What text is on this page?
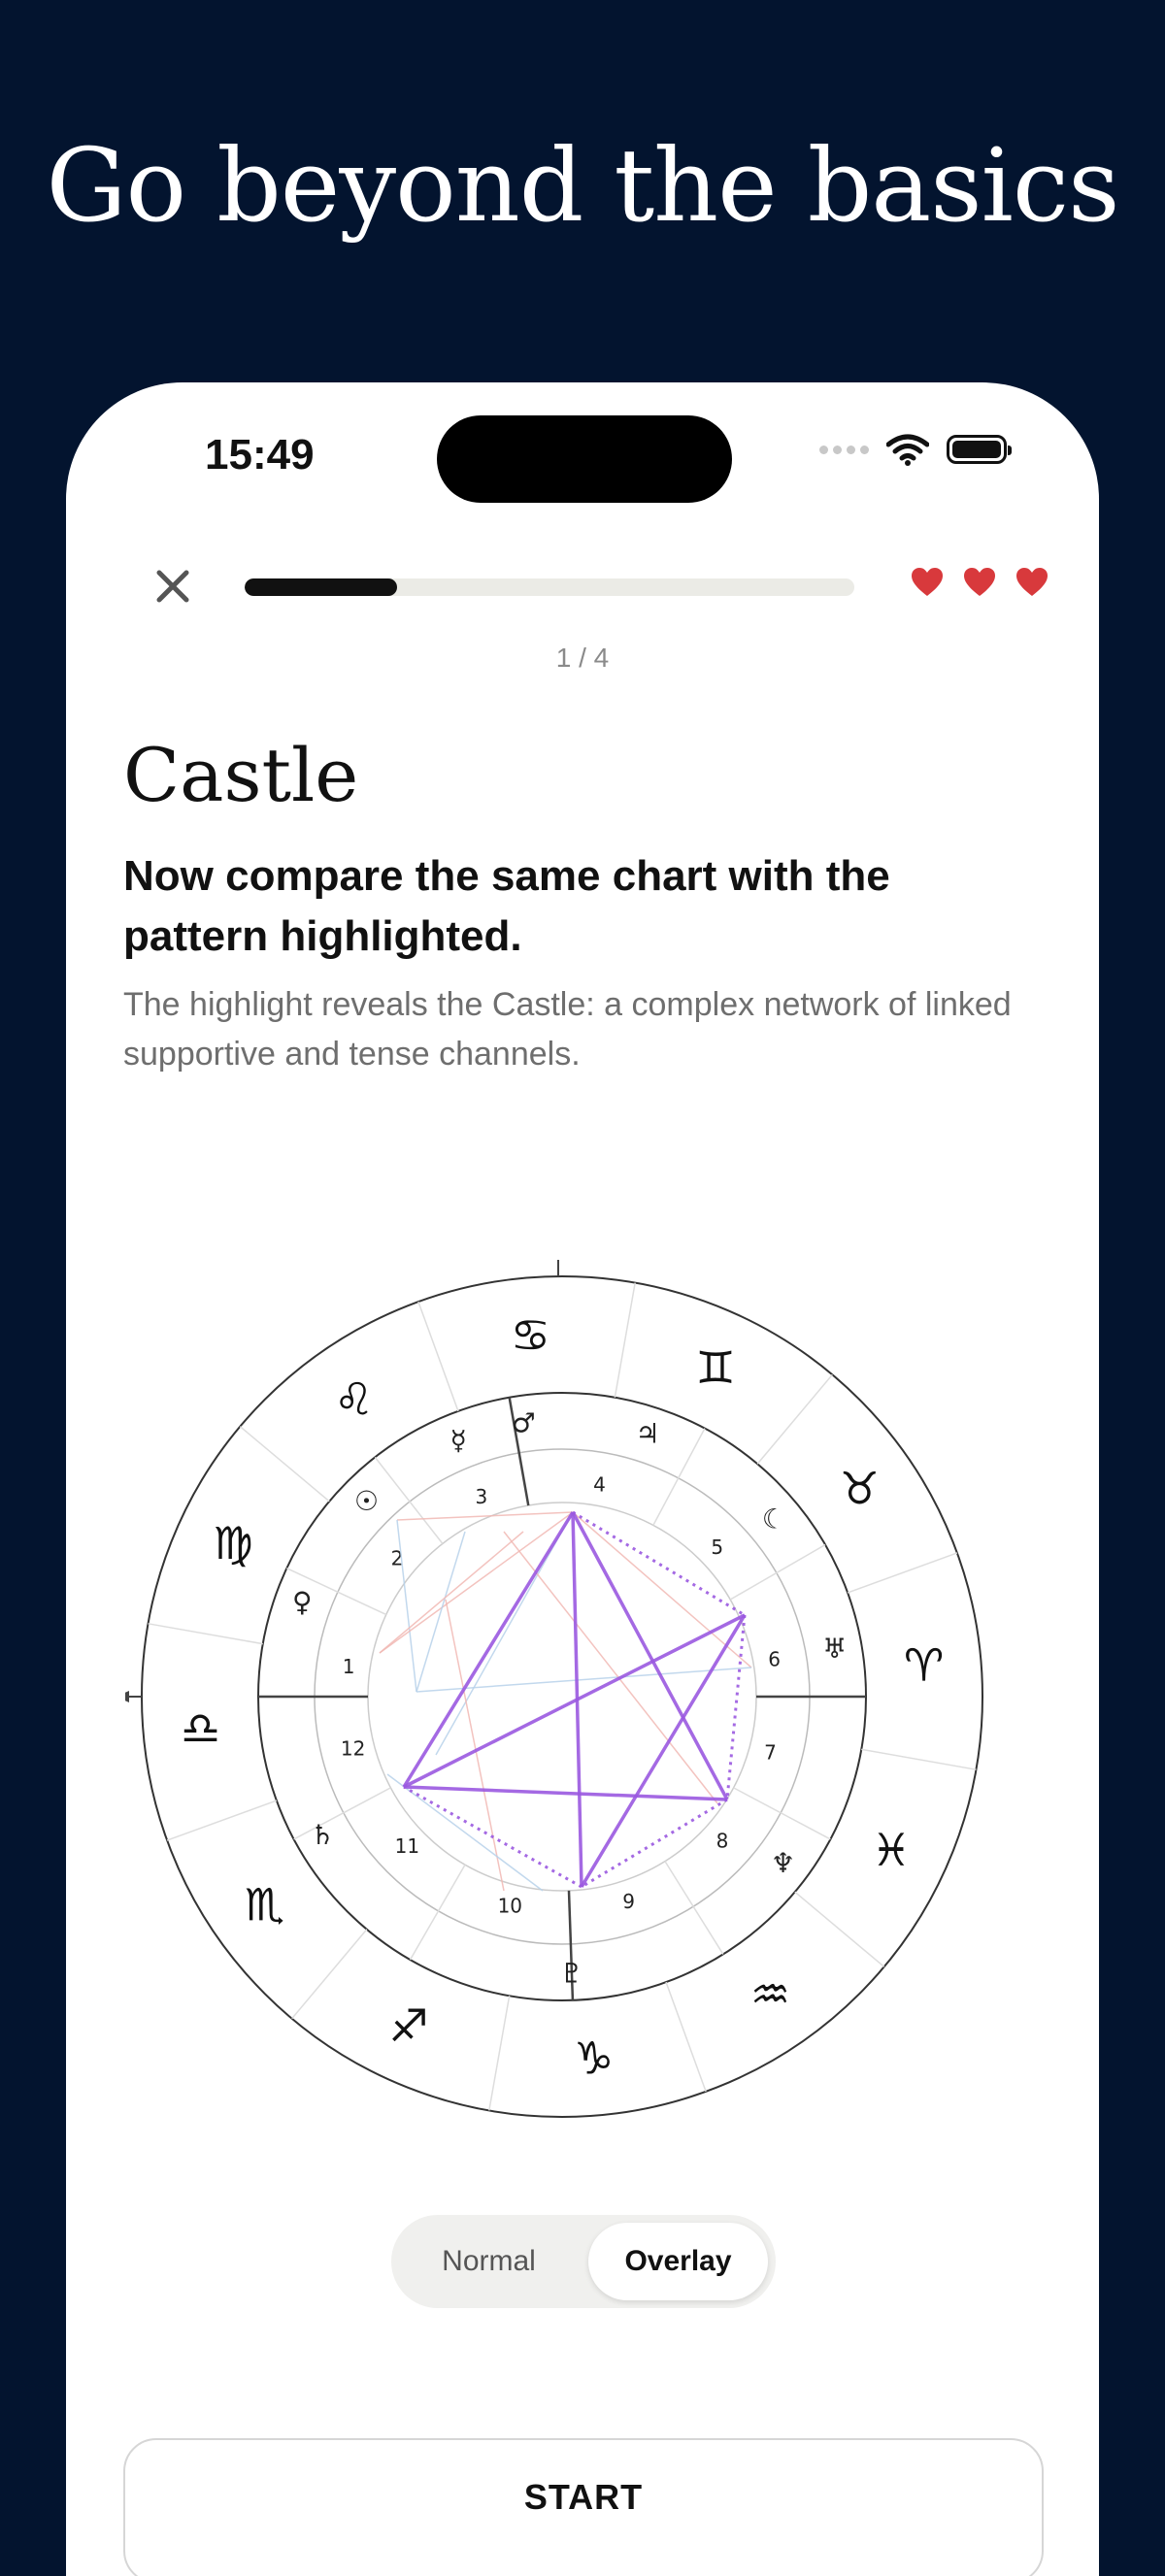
Go beyond the basics
15:49
1 / 4
Castle

Now compare the same chart with the pattern highlighted.

The highlight reveals the Castle: a complex network of linked supportive and tense channels.

♋
♊
♉
♈
♓
♒
♑
♐
♏
♎
♍
♌
1
2
3
4
5
6
7
8
9
10
11
12
☉
☿
♂	♃
☾
♅
♆
♇
♄
♀
Normal	Overlay
START
